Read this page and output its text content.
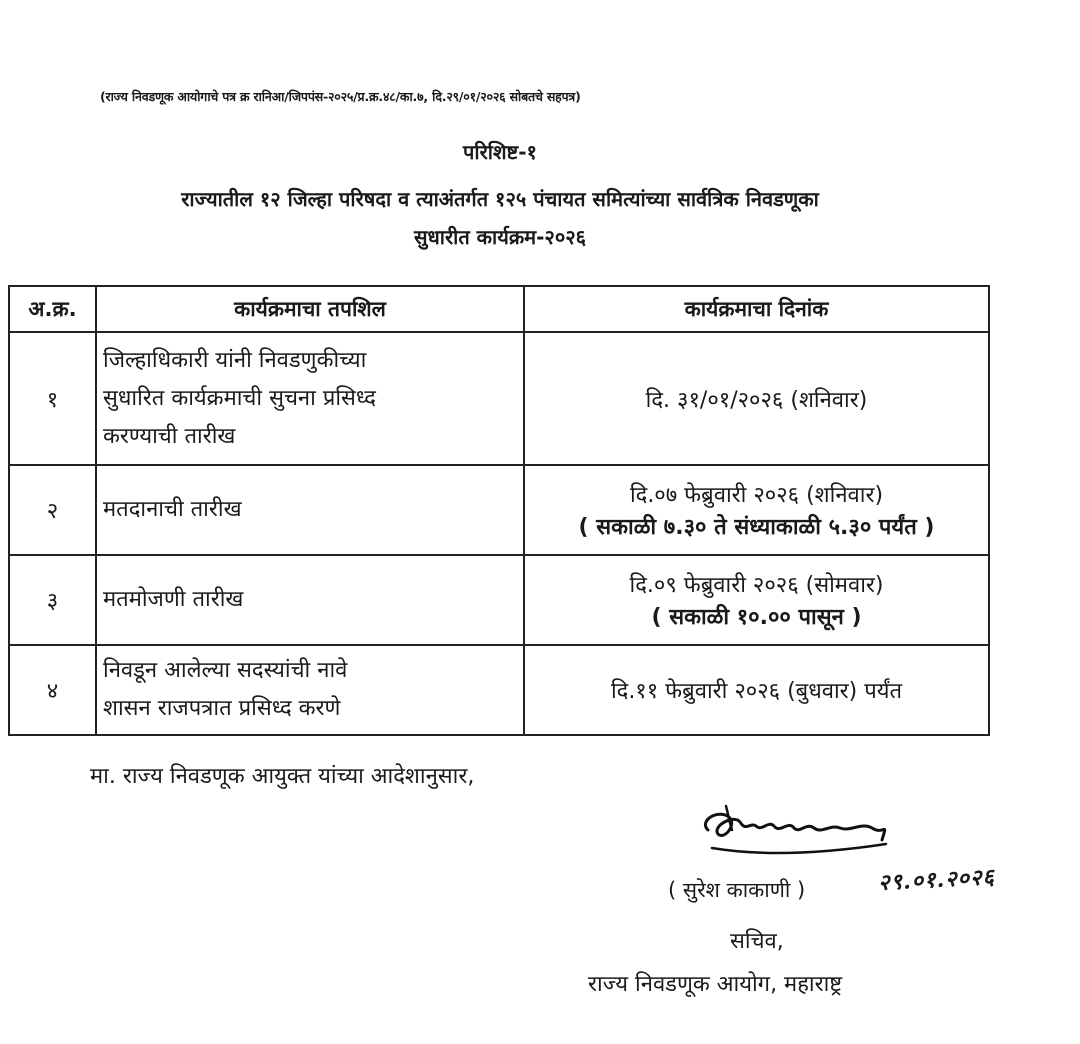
(राज्य निवडणूक आयोगाचे पत्र क्र रानिआ/जिपपंस-२०२५/प्र.क्र.४८/का.७, दि.२९/०१/२०२६ सोबतचे सहपत्र)
परिशिष्ट-१
राज्यातील १२ जिल्हा परिषदा व त्याअंतर्गत १२५ पंचायत समित्यांच्या सार्वत्रिक निवडणूका
सुधारीत कार्यक्रम-२०२६
अ.क्र.	कार्यक्रमाचा तपशिल	कार्यक्रमाचा दिनांक
१	जिल्हाधिकारी यांनी निवडणुकीच्या
सुधारित कार्यक्रमाची सुचना प्रसिध्द
करण्याची तारीख	दि. ३१/०१/२०२६ (शनिवार)

२	मतदानाची तारीख	दि.०७ फेब्रुवारी २०२६ (शनिवार)
( सकाळी ७.३० ते संध्याकाळी ५.३० पर्यंत )

३	मतमोजणी तारीख	दि.०९ फेब्रुवारी २०२६ (सोमवार)
( सकाळी १०.०० पासून )

४	निवडून आलेल्या सदस्यांची नावे
शासन राजपत्रात प्रसिध्द करणे	दि.११ फेब्रुवारी २०२६ (बुधवार) पर्यंत
मा. राज्य निवडणूक आयुक्त यांच्या आदेशानुसार,
२९.०१.२०२६
( सुरेश काकाणी )
सचिव,
राज्य निवडणूक आयोग, महाराष्ट्र
